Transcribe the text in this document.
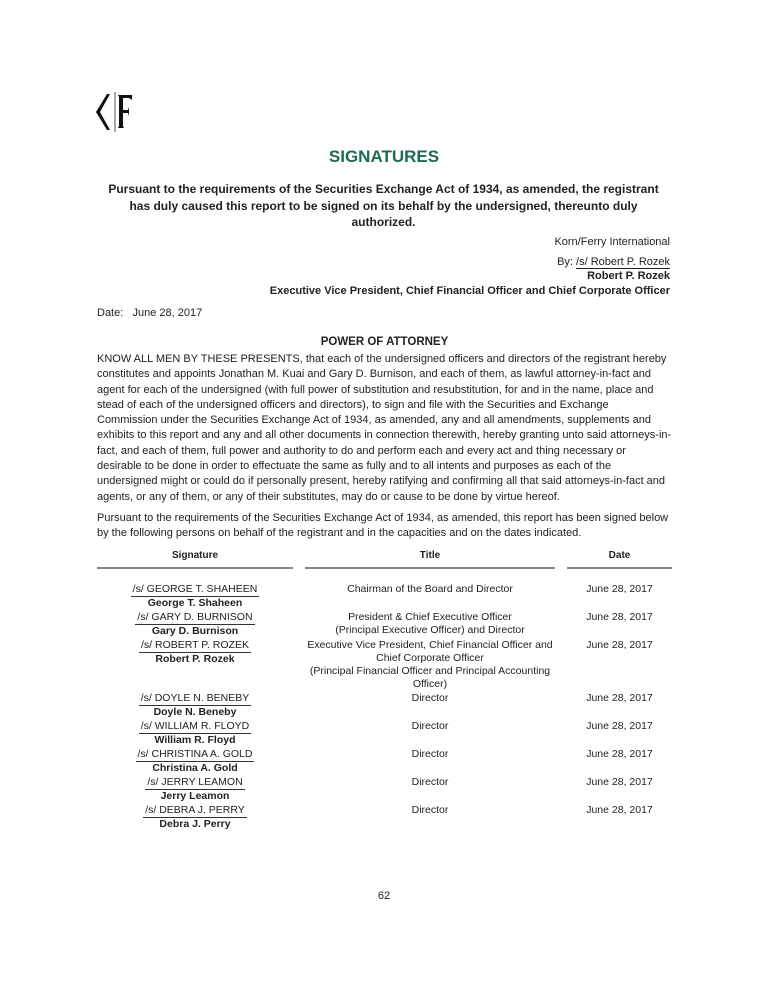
SIGNATURES
Pursuant to the requirements of the Securities Exchange Act of 1934, as amended, the registrant has duly caused this report to be signed on its behalf by the undersigned, thereunto duly authorized.
Korn/Ferry International
By: /s/ Robert P. Rozek
Robert P. Rozek
Executive Vice President, Chief Financial Officer and Chief Corporate Officer
Date:   June 28, 2017
POWER OF ATTORNEY

KNOW ALL MEN BY THESE PRESENTS, that each of the undersigned officers and directors of the registrant hereby constitutes and appoints Jonathan M. Kuai and Gary D. Burnison, and each of them, as lawful attorney-in-fact and agent for each of the undersigned (with full power of substitution and resubstitution, for and in the name, place and stead of each of the undersigned officers and directors), to sign and file with the Securities and Exchange Commission under the Securities Exchange Act of 1934, as amended, any and all amendments, supplements and exhibits to this report and any and all other documents in connection therewith, hereby granting unto said attorneys-in-fact, and each of them, full power and authority to do and perform each and every act and thing necessary or desirable to be done in order to effectuate the same as fully and to all intents and purposes as each of the undersigned might or could do if personally present, hereby ratifying and confirming all that said attorneys-in-fact and agents, or any of them, or any of their substitutes, may do or cause to be done by virtue hereof.

Pursuant to the requirements of the Securities Exchange Act of 1934, as amended, this report has been signed below by the following persons on behalf of the registrant and in the capacities and on the dates indicated.

Signature	Title	Date
/s/ GEORGE T. SHAHEEN
George T. Shaheen
Chairman of the Board and Director	June 28, 2017
/s/ GARY D. BURNISON
Gary D. Burnison
President & Chief Executive Officer
(Principal Executive Officer) and Director
June 28, 2017
/s/ ROBERT P. ROZEK
Robert P. Rozek
Executive Vice President, Chief Financial Officer and
Chief Corporate Officer
(Principal Financial Officer and Principal Accounting
Officer)
June 28, 2017
/s/ DOYLE N. BENEBY
Doyle N. Beneby
Director	June 28, 2017
/s/ WILLIAM R. FLOYD
William R. Floyd
Director	June 28, 2017
/s/ CHRISTINA A. GOLD
Christina A. Gold
Director	June 28, 2017
/s/ JERRY LEAMON
Jerry Leamon
Director	June 28, 2017
/s/ DEBRA J. PERRY
Debra J. Perry
Director	June 28, 2017
62
